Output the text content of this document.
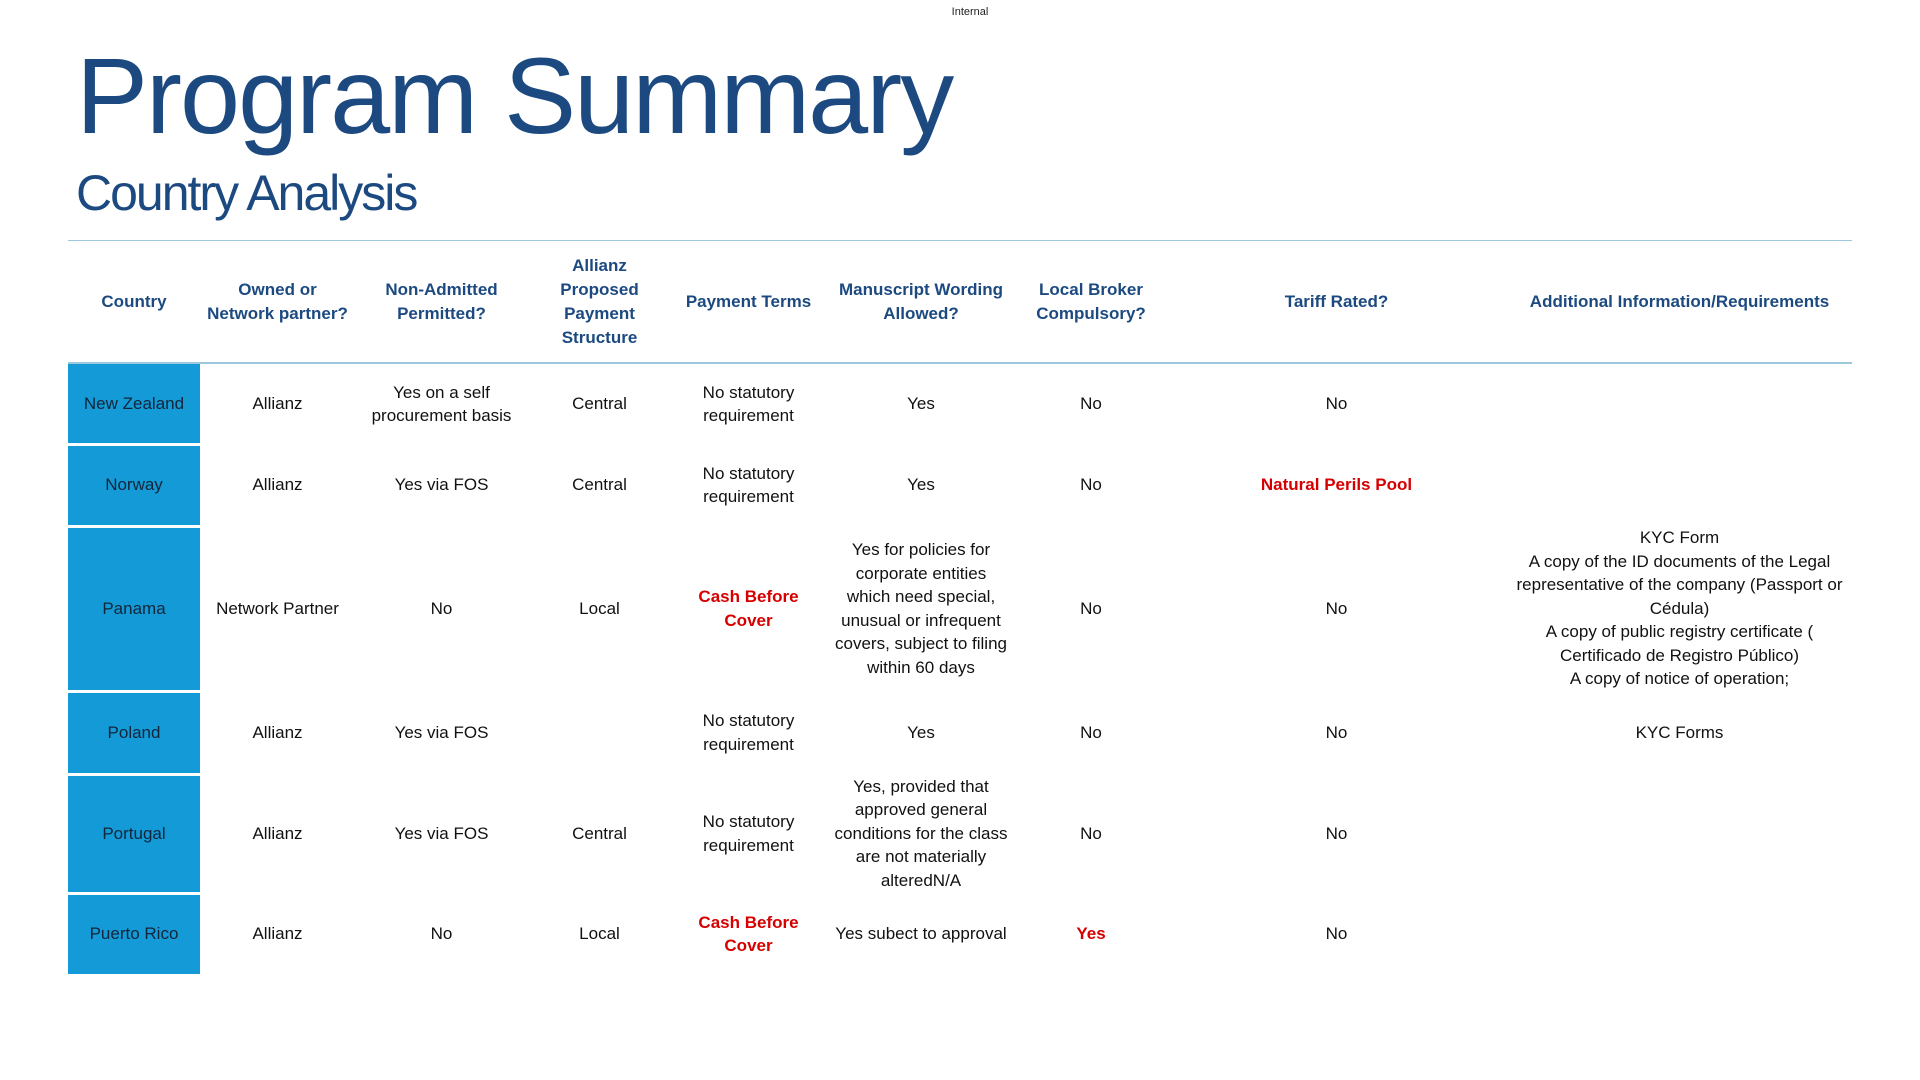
Internal
Program Summary
Country Analysis
Country	Owned or Network partner?	Non-Admitted Permitted?	Allianz Proposed Payment Structure	Payment Terms	Manuscript Wording Allowed?	Local Broker Compulsory?	Tariff Rated?	Additional Information/Requirements
New Zealand	Allianz	Yes on a self procurement basis	Central	No statutory requirement	Yes	No	No	
Norway	Allianz	Yes via FOS	Central	No statutory requirement	Yes	No	Natural Perils Pool	
Panama	Network Partner	No	Local	Cash Before Cover	Yes for policies for corporate entities which need special, unusual or infrequent covers, subject to filing within 60 days	No	No	KYC Form
A copy of the ID documents of the Legal representative of the company (Passport or Cédula)
A copy of public registry certificate ( Certificado de Registro Público)
A copy of notice of operation;

Poland	Allianz	Yes via FOS		No statutory requirement	Yes	No	No	KYC Forms
Portugal	Allianz	Yes via FOS	Central	No statutory requirement	Yes, provided that approved general conditions for the class are not materially alteredN/A	No	No	
Puerto Rico	Allianz	No	Local	Cash Before Cover	Yes subect to approval	Yes	No	
